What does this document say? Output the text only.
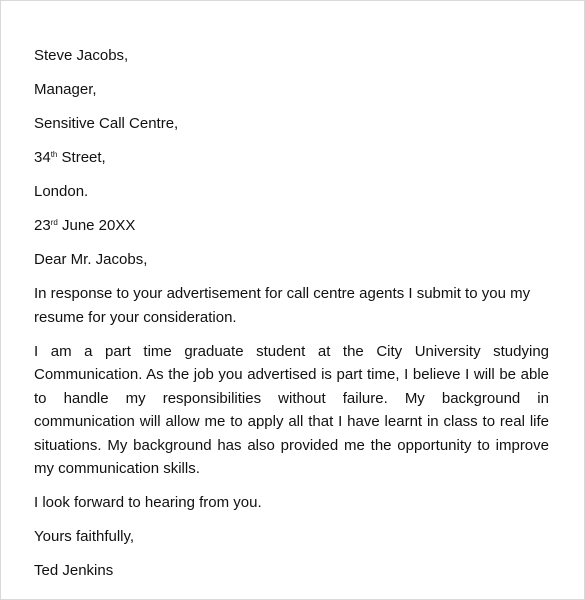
Steve Jacobs,
Manager,
Sensitive Call Centre,
34th Street,
London.
23rd June 20XX
Dear Mr. Jacobs,
In response to your advertisement for call centre agents I submit to you my resume for your consideration.
I am a part time graduate student at the City University studying Communication. As the job you advertised is part time, I believe I will be able to handle my responsibilities without failure. My background in communication will allow me to apply all that I have learnt in class to real life situations. My background has also provided me the opportunity to improve my communication skills.
I look forward to hearing from you.
Yours faithfully,
Ted Jenkins
